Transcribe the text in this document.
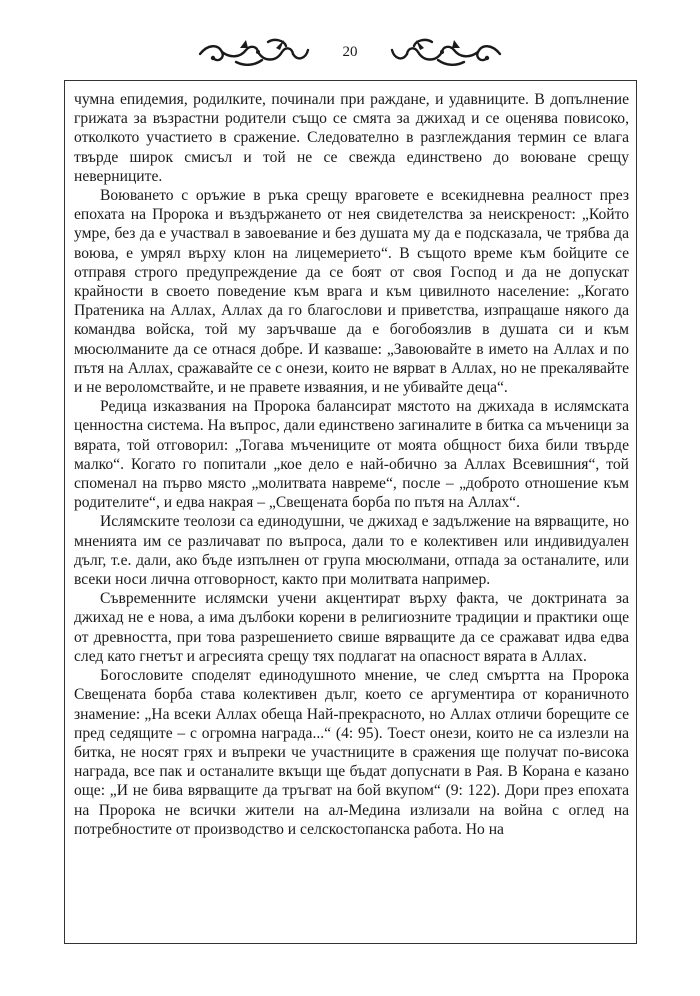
20

чумна епидемия, родилките, починали при раждане, и удавниците. В допълнение грижата за възрастни родители също се смята за джихад и се оценява повисоко, отколкото участието в сражение. Следователно в разглеждания термин се влага твърде широк смисъл и той не се свежда единствено до воюване срещу неверниците.

Воюването с оръжие в ръка срещу враговете е всекидневна реалност през епохата на Пророка и въздържането от нея свидетелства за неискреност: „Който умре, без да е участвал в завоевание и без душата му да е подсказала, че трябва да воюва, е умрял върху клон на лицемерието“. В същото време към бойците се отправя строго предупреждение да се боят от своя Господ и да не допускат крайности в своето поведение към врага и към цивилното население: „Когато Пратеника на Аллах, Аллах да го благослови и приветства, изпращаше някого да командва войска, той му заръчваше да е богобоязлив в душата си и към мюсюлманите да се отнася добре. И казваше: „Завоювайте в името на Аллах и по пътя на Аллах, сражавайте се с онези, които не вярват в Аллах, но не прекалявайте и не вероломствайте, и не правете изваяния, и не убивайте деца“.

Редица изказвания на Пророка балансират мястото на джихада в ислямската ценностна система. На въпрос, дали единствено загиналите в битка са мъченици за вярата, той отговорил: „Тогава мъчениците от моята общност биха били твърде малко“. Когато го попитали „кое дело е най-обично за Аллах Всевишния“, той споменал на първо място „молитвата навреме“, после – „доброто отношение към родителите“, и едва накрая – „Свещената борба по пътя на Аллах“.

Ислямските теолози са единодушни, че джихад е задължение на вярващите, но мненията им се различават по въпроса, дали то е колективен или индивидуален дълг, т.е. дали, ако бъде изпълнен от група мюсюлмани, отпада за останалите, или всеки носи лична отговорност, както при молитвата например.

Съвременните ислямски учени акцентират върху факта, че доктрината за джихад не е нова, а има дълбоки корени в религиозните традиции и практики още от древността, при това разрешението свише вярващите да се сражават идва едва след като гнетът и агресията срещу тях подлагат на опасност вярата в Аллах.

Богословите споделят единодушното мнение, че след смъртта на Пророка Свещената борба става колективен дълг, което се аргументира от кораничното знамение: „На всеки Аллах обеща Най-прекрасното, но Аллах отличи борещите се пред седящите – с огромна награда...“ (4: 95). Тоест онези, които не са излезли на битка, не носят грях и въпреки че участниците в сражения ще получат по-висока награда, все пак и останалите вкъщи ще бъдат допуснати в Рая. В Корана е казано още: „И не бива вярващите да тръгват на бой вкупом“ (9: 122). Дори през епохата на Пророка не всички жители на ал-Медина излизали на война с оглед на потребностите от производство и селскостопанска работа. Но на
